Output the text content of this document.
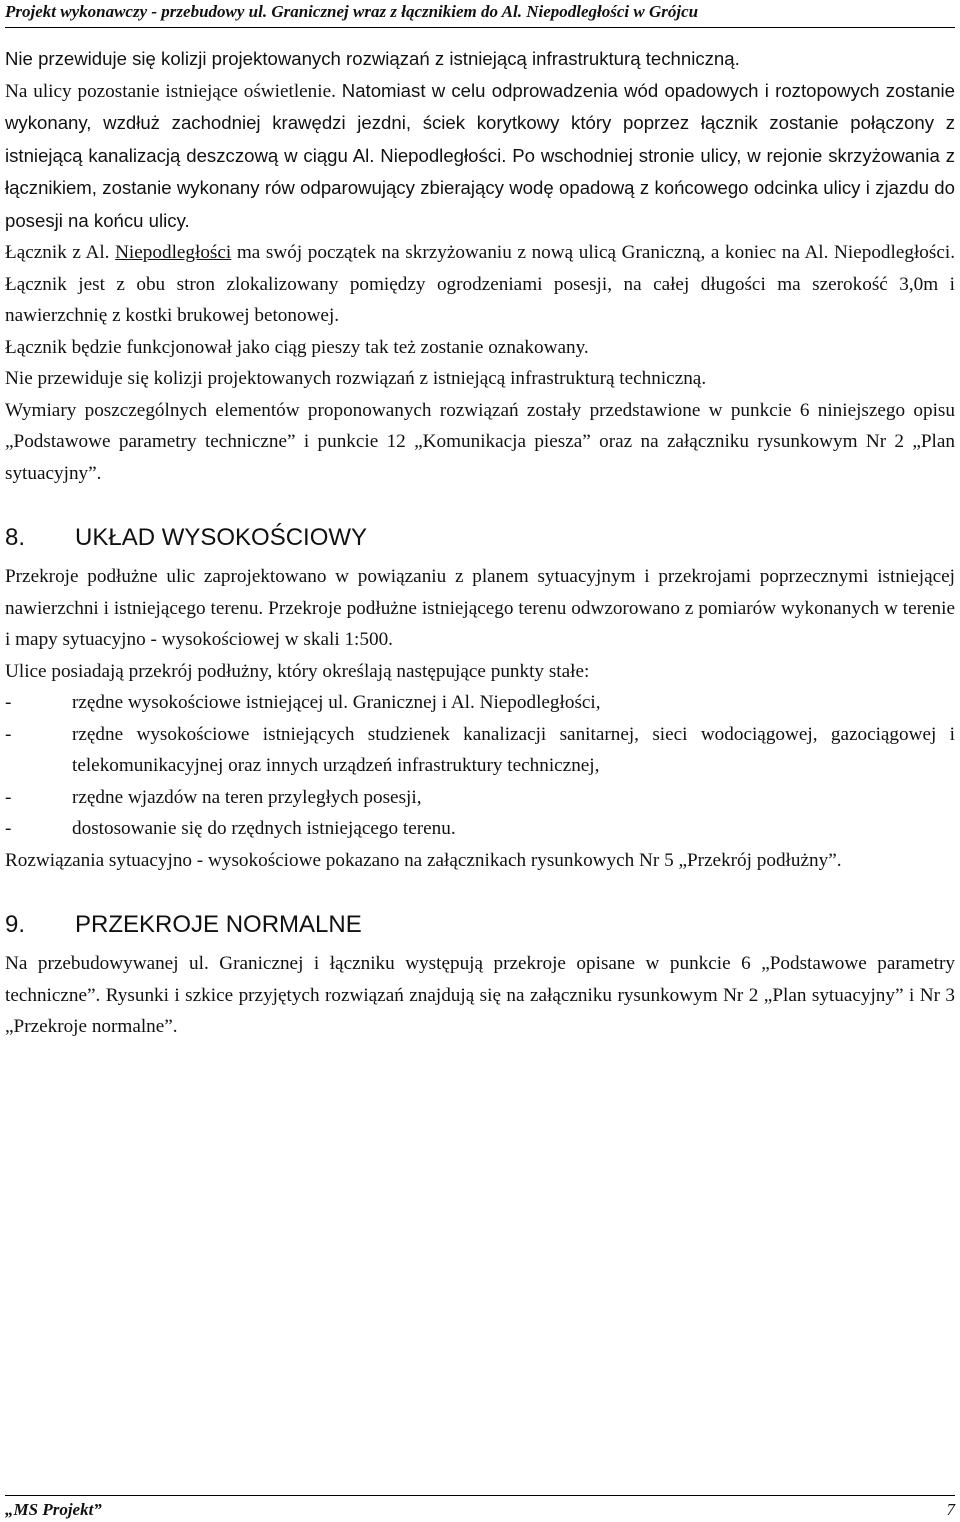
Projekt wykonawczy - przebudowy ul. Granicznej wraz z łącznikiem do Al. Niepodległości w Grójcu

Nie przewiduje się kolizji projektowanych rozwiązań z istniejącą infrastrukturą techniczną.

Na ulicy pozostanie istniejące oświetlenie. Natomiast w celu odprowadzenia wód opadowych i roztopowych zostanie wykonany, wzdłuż zachodniej krawędzi jezdni, ściek korytkowy który poprzez łącznik zostanie połączony z istniejącą kanalizacją deszczową w ciągu Al. Niepodległości. Po wschodniej stronie ulicy, w rejonie skrzyżowania z łącznikiem, zostanie wykonany rów odparowujący zbierający wodę opadową z końcowego odcinka ulicy i zjazdu do posesji na końcu ulicy.

Łącznik z Al. Niepodległości ma swój początek na skrzyżowaniu z nową ulicą Graniczną, a koniec na Al. Niepodległości. Łącznik jest z obu stron zlokalizowany pomiędzy ogrodzeniami posesji, na całej długości ma szerokość 3,0m i nawierzchnię z kostki brukowej betonowej.

Łącznik będzie funkcjonował jako ciąg pieszy tak też zostanie oznakowany.

Nie przewiduje się kolizji projektowanych rozwiązań z istniejącą infrastrukturą techniczną.

Wymiary poszczególnych elementów proponowanych rozwiązań zostały przedstawione w punkcie 6 niniejszego opisu „Podstawowe parametry techniczne” i punkcie 12 „Komunikacja piesza” oraz na załączniku rysunkowym Nr 2 „Plan sytuacyjny”.

8.	UKŁAD WYSOKOŚCIOWY

Przekroje podłużne ulic zaprojektowano w powiązaniu z planem sytuacyjnym i przekrojami poprzecznymi istniejącej nawierzchni i istniejącego terenu. Przekroje podłużne istniejącego terenu odwzorowano z pomiarów wykonanych w terenie i mapy sytuacyjno - wysokościowej w skali 1:500.

Ulice posiadają przekrój podłużny, który określają następujące punkty stałe:

-	rzędne wysokościowe istniejącej ul. Granicznej i Al. Niepodległości,
-	rzędne wysokościowe istniejących studzienek kanalizacji sanitarnej, sieci wodociągowej, gazociągowej i telekomunikacyjnej oraz innych urządzeń infrastruktury technicznej,
-	rzędne wjazdów na teren przyległych posesji,
-	dostosowanie się do rzędnych istniejącego terenu.

Rozwiązania sytuacyjno - wysokościowe pokazano na załącznikach rysunkowych Nr 5 „Przekrój podłużny”.

9.	PRZEKROJE NORMALNE

Na przebudowywanej ul. Granicznej i łączniku występują przekroje opisane w punkcie 6 „Podstawowe parametry techniczne”. Rysunki i szkice przyjętych rozwiązań znajdują się na załączniku rysunkowym Nr 2 „Plan sytuacyjny” i Nr 3 „Przekroje normalne”.

„MS Projekt”	7
